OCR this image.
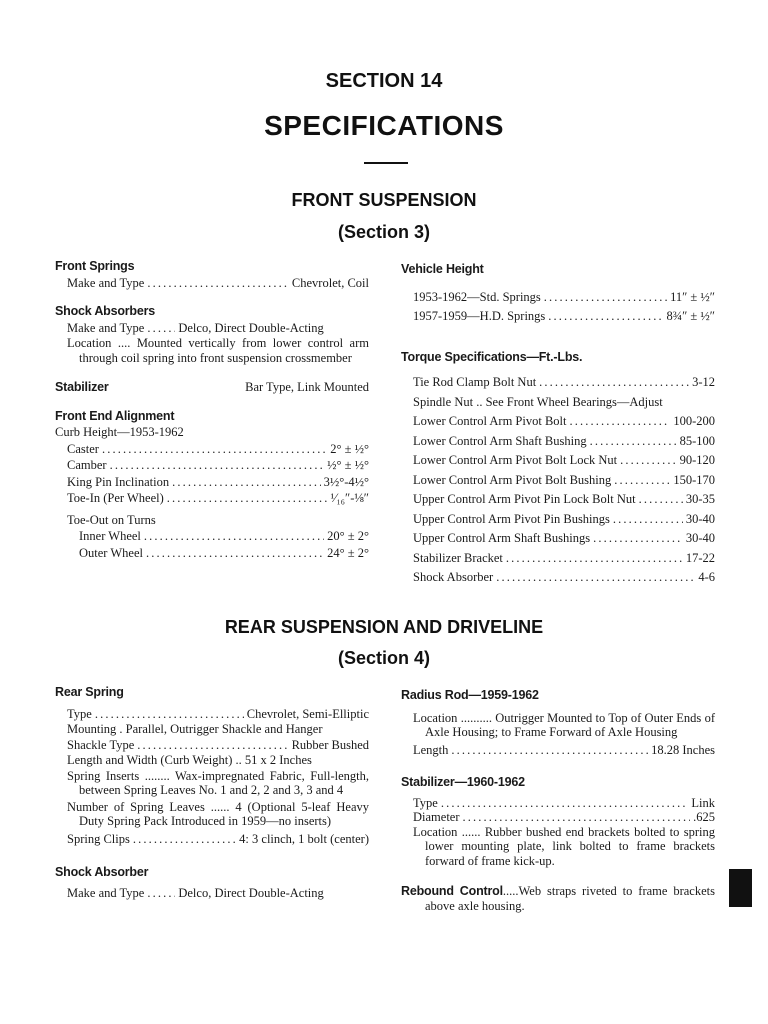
SECTION 14
SPECIFICATIONS
FRONT SUSPENSION
(Section 3)
Front Springs
Make and Type . . .	Chevrolet, Coil
Shock Absorbers
Make and Type . . .	Delco, Direct Double-Acting
Location .... Mounted vertically from lower control arm through coil spring into front suspension crossmember
Stabilizer	Bar Type, Link Mounted
Front End Alignment
Curb Height—1953-1962
Caster . . .	2° ± ½°
Camber . . .	½° ± ½°
King Pin Inclination . . .	3½°-4½°
Toe-In (Per Wheel) . . .	¹⁄₁₆″-⅛″
Toe-Out on Turns
Inner Wheel . . .	20° ± 2°
Outer Wheel . . .	24° ± 2°
Vehicle Height
1953-1962—Std. Springs . . .	11″ ± ½″
1957-1959—H.D. Springs . . .	8¾″ ± ½″
Torque Specifications—Ft.-Lbs.
Tie Rod Clamp Bolt Nut . . .	3-12
Spindle Nut .. See Front Wheel Bearings—Adjust
Lower Control Arm Pivot Bolt . . .	100-200
Lower Control Arm Shaft Bushing . . .	85-100
Lower Control Arm Pivot Bolt Lock Nut . . .	90-120
Lower Control Arm Pivot Bolt Bushing . . .	150-170
Upper Control Arm Pivot Pin Lock Bolt Nut . . .	30-35
Upper Control Arm Pivot Pin Bushings . . .	30-40
Upper Control Arm Shaft Bushings . . .	30-40
Stabilizer Bracket . . .	17-22
Shock Absorber . . .	4-6
REAR SUSPENSION AND DRIVELINE
(Section 4)
Rear Spring
Type . . .	Chevrolet, Semi-Elliptic
Mounting . Parallel, Outrigger Shackle and Hanger
Shackle Type . . .	Rubber Bushed
Length and Width (Curb Weight) .. 51 x 2 Inches
Spring Inserts ........ Wax-impregnated Fabric, Full-length, between Spring Leaves No. 1 and 2, 2 and 3, 3 and 4
Number of Spring Leaves ...... 4 (Optional 5-leaf Heavy Duty Spring Pack Introduced in 1959—no inserts)
Spring Clips . . .	4: 3 clinch, 1 bolt (center)
Shock Absorber
Make and Type . . .	Delco, Direct Double-Acting
Radius Rod—1959-1962
Location .......... Outrigger Mounted to Top of Outer Ends of Axle Housing; to Frame Forward of Axle Housing
Length . . .	18.28 Inches
Stabilizer—1960-1962
Type . . .	Link
Diameter . . .	.625
Location ...... Rubber bushed end brackets bolted to spring lower mounting plate, link bolted to frame brackets forward of frame kick-up.
Rebound Control.....Web straps riveted to frame brackets above axle housing.
